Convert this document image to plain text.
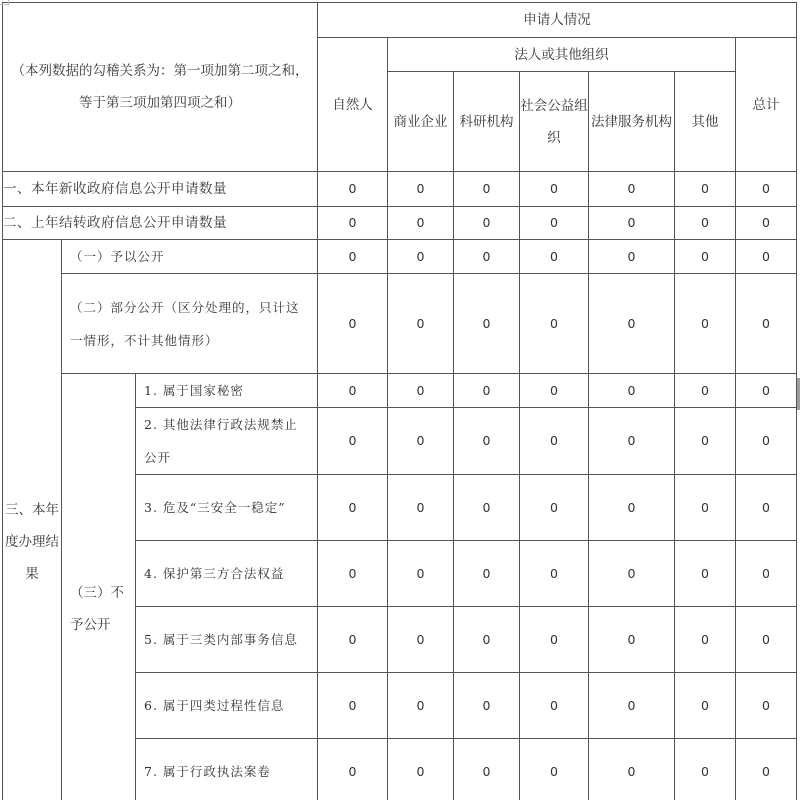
（本列数据的勾稽关系为：第一项加第二项之和，等于第三项加第四项之和）			申请人情况						
			自然人	法人或其他组织					总计
				商业企业	科研机构	社会公益组织	法律服务机构	其他	
一、本年新收政府信息公开申请数量			0	0	0	0	0	0	0
二、上年结转政府信息公开申请数量			0	0	0	0	0	0	0
三、本年度办理结果	（一）予以公开		0	0	0	0	0	0	0
	（二）部分公开（区分处理的，只计这一情形，不计其他情形）		0	0	0	0	0	0	0
	（三）不予公开	1. 属于国家秘密	0	0	0	0	0	0	0
		2. 其他法律行政法规禁止公开	0	0	0	0	0	0	0
		3. 危及“三安全一稳定”	0	0	0	0	0	0	0
		4. 保护第三方合法权益	0	0	0	0	0	0	0
		5. 属于三类内部事务信息	0	0	0	0	0	0	0
		6. 属于四类过程性信息	0	0	0	0	0	0	0
		7. 属于行政执法案卷	0	0	0	0	0	0	0
